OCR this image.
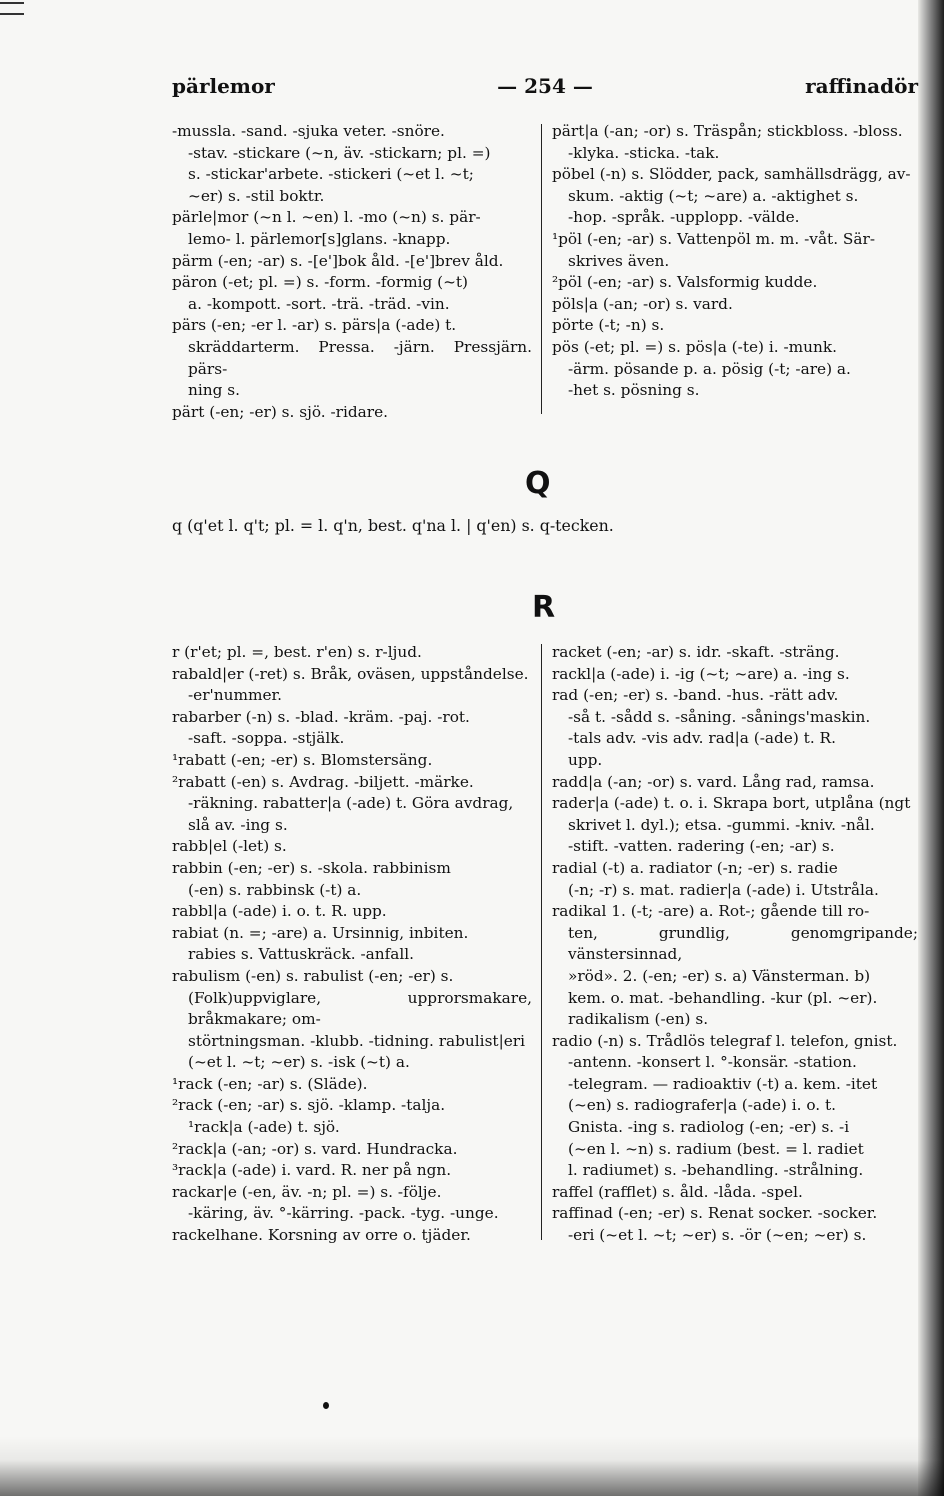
pärlemor	— 254 —	raffinadör

-mussla. -sand. -sjuka veter. -snöre.

-stav. -stickare (~n, äv. -stickarn; pl. =)

s. -stickar'arbete. -stickeri (~et l. ~t;

~er) s. -stil boktr.

pärle|mor (~n l. ~en) l. -mo (~n) s. pär-

lemo- l. pärlemor[s]glans. -knapp.

pärm (-en; -ar) s. -[e']bok åld. -[e']brev åld.

päron (-et; pl. =) s. -form. -formig (~t)

a. -kompott. -sort. -trä. -träd. -vin.

pärs (-en; -er l. -ar) s. pärs|a (-ade) t.

skräddarterm. Pressa. -järn. Pressjärn. pärs-

ning s.

pärt (-en; -er) s. sjö. -ridare.

pärt|a (-an; -or) s. Träspån; stickbloss. -bloss.

-klyka. -sticka. -tak.

pöbel (-n) s. Slödder, pack, samhällsdrägg, av-

skum. -aktig (~t; ~are) a. -aktighet s.

-hop. -språk. -upplopp. -välde.

¹pöl (-en; -ar) s. Vattenpöl m. m. -våt. Sär-

skrives även.

²pöl (-en; -ar) s. Valsformig kudde.

pöls|a (-an; -or) s. vard.

pörte (-t; -n) s.

pös (-et; pl. =) s. pös|a (-te) i. -munk.

-ärm. pösande p. a. pösig (-t; -are) a.

-het s. pösning s.

Q
q (q'et l. q't; pl. = l. q'n, best. q'na l. | q'en) s. q-tecken.
R

r (r'et; pl. =, best. r'en) s. r-ljud.

rabald|er (-ret) s. Bråk, oväsen, uppståndelse.

-er'nummer.

rabarber (-n) s. -blad. -kräm. -paj. -rot.

-saft. -soppa. -stjälk.

¹rabatt (-en; -er) s. Blomstersäng.

²rabatt (-en) s. Avdrag. -biljett. -märke.

-räkning. rabatter|a (-ade) t. Göra avdrag,

slå av. -ing s.

rabb|el (-let) s.

rabbin (-en; -er) s. -skola. rabbinism

(-en) s. rabbinsk (-t) a.

rabbl|a (-ade) i. o. t. R. upp.

rabiat (n. =; -are) a. Ursinnig, inbiten.

rabies s. Vattuskräck. -anfall.

rabulism (-en) s. rabulist (-en; -er) s.

(Folk)uppviglare, upprorsmakare, bråkmakare; om-

störtningsman. -klubb. -tidning. rabulist|eri

(~et l. ~t; ~er) s. -isk (~t) a.

¹rack (-en; -ar) s. (Släde).

²rack (-en; -ar) s. sjö. -klamp. -talja.

¹rack|a (-ade) t. sjö.

²rack|a (-an; -or) s. vard. Hundracka.

³rack|a (-ade) i. vard. R. ner på ngn.

rackar|e (-en, äv. -n; pl. =) s. -följe.

-käring, äv. °-kärring. -pack. -tyg. -unge.

rackelhane. Korsning av orre o. tjäder.

racket (-en; -ar) s. idr. -skaft. -sträng.

rackl|a (-ade) i. -ig (~t; ~are) a. -ing s.

rad (-en; -er) s. -band. -hus. -rätt adv.

-så t. -sådd s. -såning. -sånings'maskin.

-tals adv. -vis adv. rad|a (-ade) t. R.

upp.

radd|a (-an; -or) s. vard. Lång rad, ramsa.

rader|a (-ade) t. o. i. Skrapa bort, utplåna (ngt

skrivet l. dyl.); etsa. -gummi. -kniv. -nål.

-stift. -vatten. radering (-en; -ar) s.

radial (-t) a. radiator (-n; -er) s. radie

(-n; -r) s. mat. radier|a (-ade) i. Utstråla.

radikal 1. (-t; -are) a. Rot-; gående till ro-

ten, grundlig, genomgripande; vänstersinnad,

»röd». 2. (-en; -er) s. a) Vänsterman. b)

kem. o. mat. -behandling. -kur (pl. ~er).

radikalism (-en) s.

radio (-n) s. Trådlös telegraf l. telefon, gnist.

-antenn. -konsert l. °-konsär. -station.

-telegram. — radioaktiv (-t) a. kem. -itet

(~en) s. radiografer|a (-ade) i. o. t.

Gnista. -ing s. radiolog (-en; -er) s. -i

(~en l. ~n) s. radium (best. = l. radiet

l. radiumet) s. -behandling. -strålning.

raffel (rafflet) s. åld. -låda. -spel.

raffinad (-en; -er) s. Renat socker. -socker.

-eri (~et l. ~t; ~er) s. -ör (~en; ~er) s.
